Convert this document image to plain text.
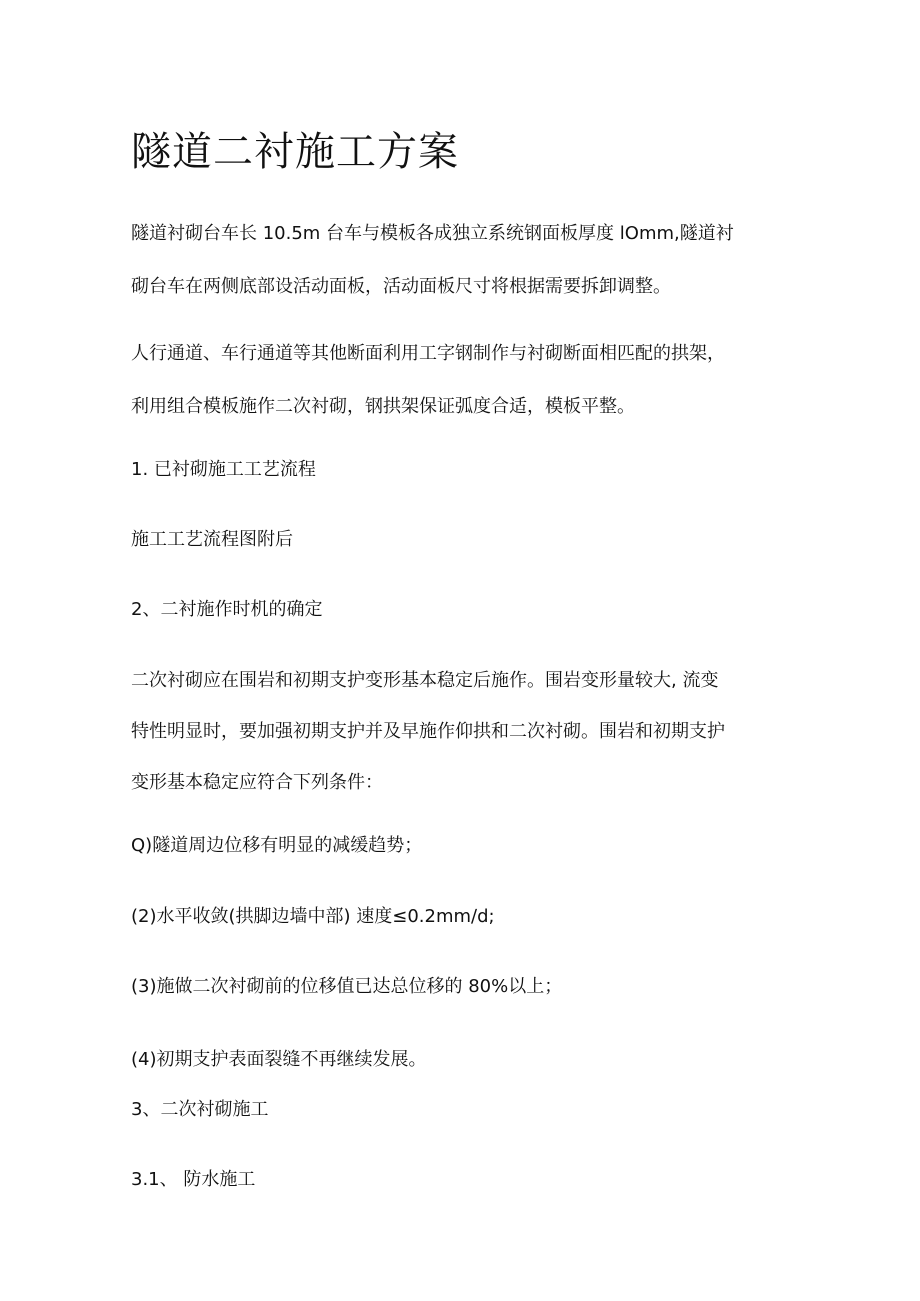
隧道二衬施工方案

隧道衬砌台车长 10.5m 台车与模板各成独立系统钢面板厚度 lOmm,隧道衬
砌台车在两侧底部设活动面板，活动面板尺寸将根据需要拆卸调整。

人行通道、车行通道等其他断面利用工字钢制作与衬砌断面相匹配的拱架，
利用组合模板施作二次衬砌，钢拱架保证弧度合适，模板平整。

1. 已衬砌施工工艺流程

施工工艺流程图附后

2、二衬施作时机的确定

二次衬砌应在围岩和初期支护变形基本稳定后施作。围岩变形量较大, 流变
特性明显时，要加强初期支护并及早施作仰拱和二次衬砌。围岩和初期支护
变形基本稳定应符合下列条件：

Q)隧道周边位移有明显的减缓趋势；

(2)水平收敛(拱脚边墙中部) 速度≤0.2mm∕d;

(3)施做二次衬砌前的位移值已达总位移的 80%以上；

(4)初期支护表面裂缝不再继续发展。

3、二次衬砌施工

3.1、 防水施工
